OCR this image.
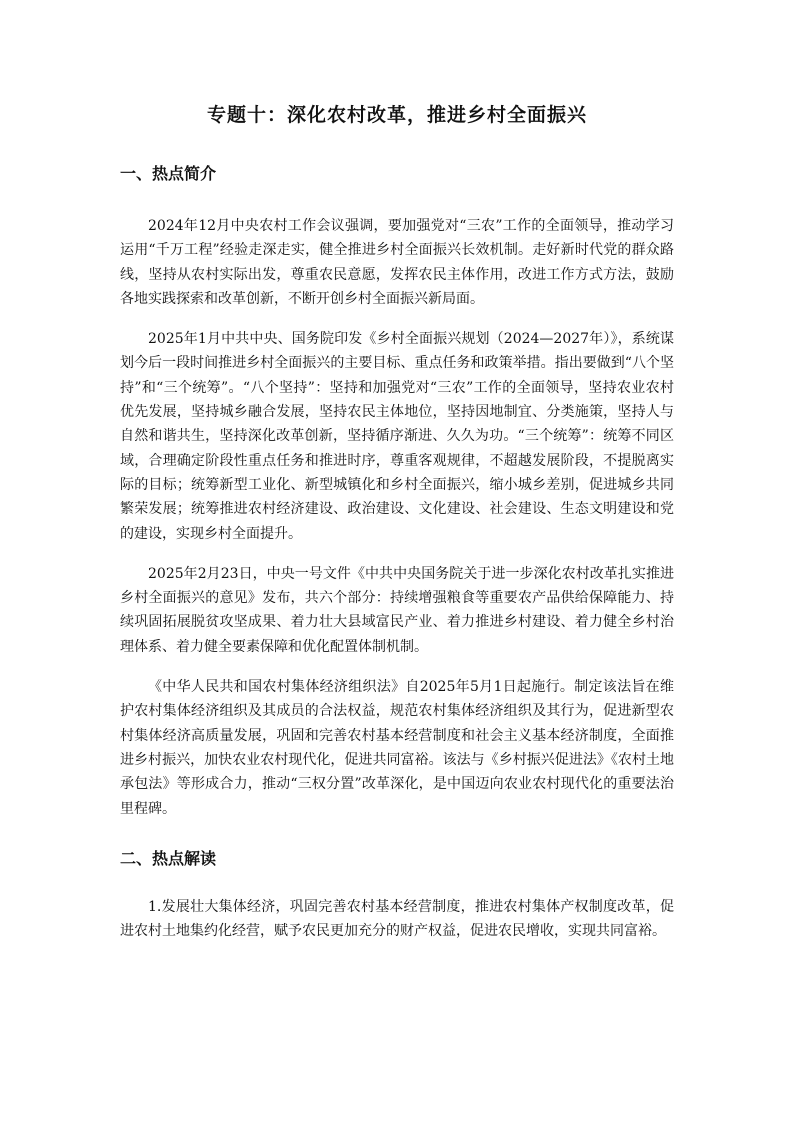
专题十：深化农村改革，推进乡村全面振兴
一、热点简介

2024年12月中央农村工作会议强调，要加强党对“三农”工作的全面领导，推动学习运用“千万工程”经验走深走实，健全推进乡村全面振兴长效机制。走好新时代党的群众路线，坚持从农村实际出发，尊重农民意愿，发挥农民主体作用，改进工作方式方法，鼓励各地实践探索和改革创新，不断开创乡村全面振兴新局面。

2025年1月中共中央、国务院印发《乡村全面振兴规划（2024—2027年）》，系统谋划今后一段时间推进乡村全面振兴的主要目标、重点任务和政策举措。指出要做到“八个坚持”和“三个统筹”。“八个坚持”：坚持和加强党对“三农”工作的全面领导，坚持农业农村优先发展，坚持城乡融合发展，坚持农民主体地位，坚持因地制宜、分类施策，坚持人与自然和谐共生，坚持深化改革创新，坚持循序渐进、久久为功。“三个统筹”：统筹不同区域，合理确定阶段性重点任务和推进时序，尊重客观规律，不超越发展阶段，不提脱离实际的目标；统筹新型工业化、新型城镇化和乡村全面振兴，缩小城乡差别，促进城乡共同繁荣发展；统筹推进农村经济建设、政治建设、文化建设、社会建设、生态文明建设和党的建设，实现乡村全面提升。

2025年2月23日，中央一号文件《中共中央国务院关于进一步深化农村改革扎实推进乡村全面振兴的意见》发布，共六个部分：持续增强粮食等重要农产品供给保障能力、持续巩固拓展脱贫攻坚成果、着力壮大县域富民产业、着力推进乡村建设、着力健全乡村治理体系、着力健全要素保障和优化配置体制机制。

《中华人民共和国农村集体经济组织法》自2025年5月1日起施行。制定该法旨在维护农村集体经济组织及其成员的合法权益，规范农村集体经济组织及其行为，促进新型农村集体经济高质量发展，巩固和完善农村基本经营制度和社会主义基本经济制度，全面推进乡村振兴，加快农业农村现代化，促进共同富裕。该法与《乡村振兴促进法》《农村土地承包法》等形成合力，推动“三权分置”改革深化，是中国迈向农业农村现代化的重要法治里程碑。

二、热点解读

1.发展壮大集体经济，巩固完善农村基本经营制度，推进农村集体产权制度改革，促进农村土地集约化经营，赋予农民更加充分的财产权益，促进农民增收，实现共同富裕。
